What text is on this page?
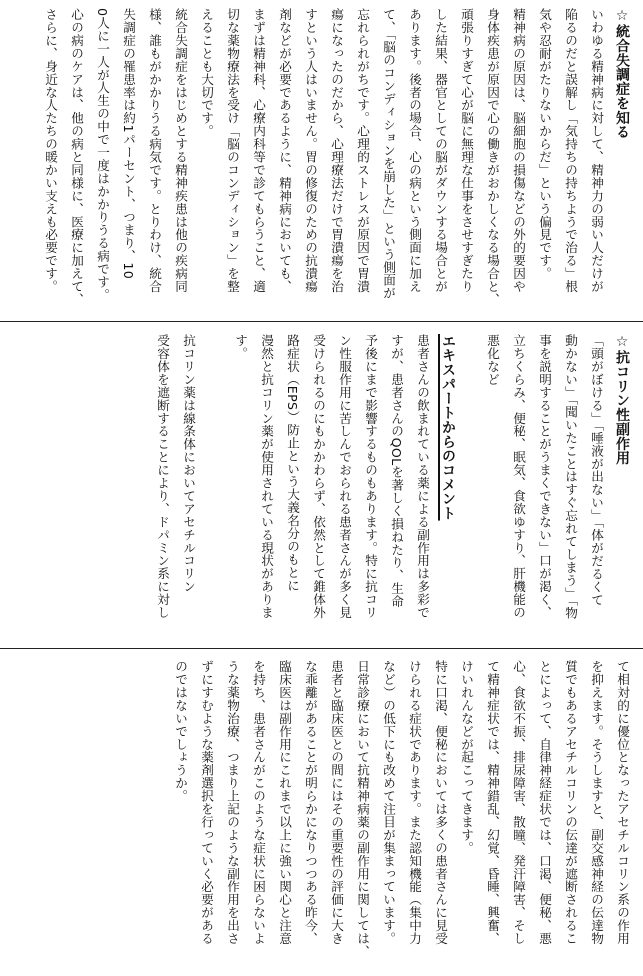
☆統合失調症を知る
いわゆる精神病に対して、精神力の弱い人だけが
陥るのだと誤解し「気持ちの持ちようで治る」根
気や忍耐がたりないからだ」という偏見です。
精神病の原因は、脳細胞の損傷などの外的要因や
身体疾患が原因で心の働きがおかしくなる場合と、
頑張りすぎて心が脳に無理な仕事をさせすぎたり
した結果、器官としての脳がダウンする場合とが
あります。後者の場合、心の病という側面に加え
て、「脳のコンディションを崩した」という側面が
忘れられがちです。心理的ストレスが原因で胃潰
瘍になったのだから、心理療法だけで胃潰瘍を治
すという人はいません。胃の修復のための抗潰瘍
剤などが必要であるように、精神病においても、
まずは精神科、心療内科等で診てもらうこと、適
切な薬物療法を受け「脳のコンディション」を整
えることも大切です。
統合失調症をはじめとする精神疾患は他の疾病同
様、誰もがかかりうる病気です。とりわけ、統合
失調症の罹患率は約1パーセント、つまり、10
0人に一人が人生の中で一度はかかりうる病です。
心の病のケアは、他の病と同様に、医療に加えて、
さらに、身近な人たちの暖かい支えも必要です。
☆抗コリン性副作用
「頭がぼける」「唾液が出ない」「体がだるくて
動かない」「聞いたことはすぐ忘れてしまう」「物
事を説明することがうまくできない」口が渇く、
立ちくらみ、便秘、眠気、食欲ゆすり、肝機能の
悪化など
エキスパートからのコメント
患者さんの飲まれている薬による副作用は多彩で
すが、患者さんのQOLを著しく損ねたり、生命
予後にまで影響するものもあります。特に抗コリ
ン性服作用に苦しんでおられる患者さんが多く見
受けられるのにもかかわらず、依然として錐体外
路症状（EPS）防止という大義名分のもとに
漫然と抗コリン薬が使用されている現状がありま
す。
抗コリン薬は線条体においてアセチルコリン
受容体を遮断することにより、ドパミン系に対し
て相対的に優位となったアセチルコリン系の作用
を抑えます。そうしますと、副交感神経の伝達物
質でもあるアセチルコリンの伝達が遮断されるこ
とによって、自律神経症状では、口渇、便秘、悪
心、食欲不振、排尿障害、散瞳、発汗障害、そし
て精神症状では、精神錯乱、幻覚、昏睡、興奮、
けいれんなどが起こってきます。
特に口渇、便秘においては多くの患者さんに見受
けられる症状であります。また認知機能（集中力
など）の低下にも改めて注目が集まっています。
日常診療において抗精神病薬の副作用に関しては、
患者と臨床医との間にはその重要性の評価に大き
な乖離があることが明らかになりつつある昨今、
臨床医は副作用にこれまで以上に強い関心と注意
を持ち、患者さんがこのような症状に困らないよ
うな薬物治療、つまり上記のような副作用を出さ
ずにすむような薬剤選択を行っていく必要がある
のではないでしょうか。
